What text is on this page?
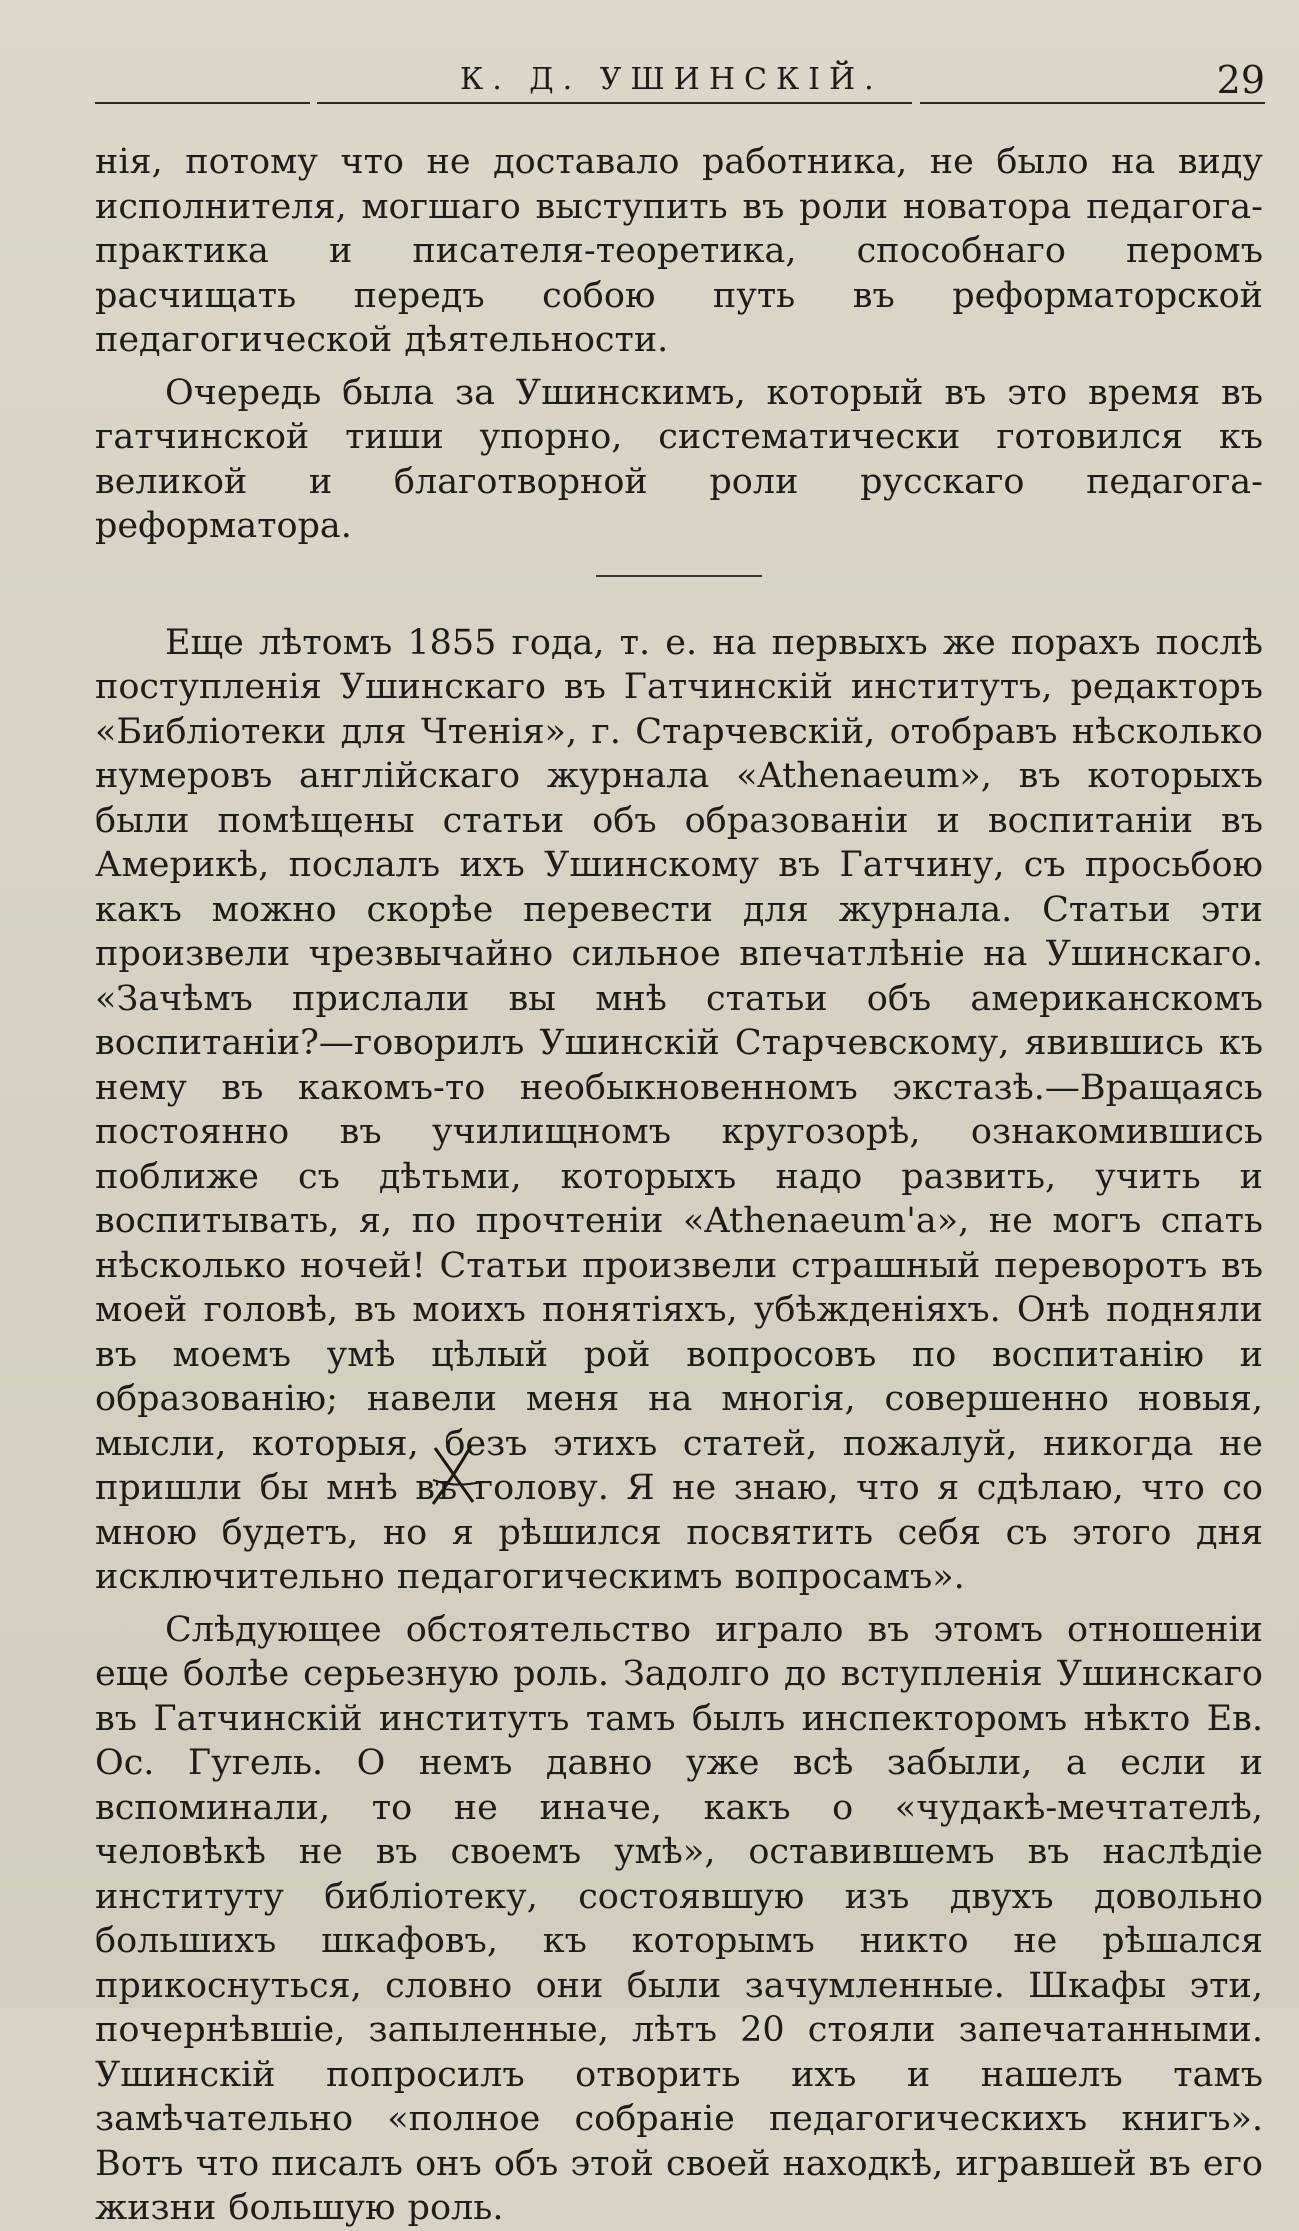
К. Д. УШИНСКІЙ.	29

нія, потому что не доставало работника, не было на виду исполнителя, могшаго выступить въ роли новатора педагога-практика и писателя-теоретика, способнаго перомъ расчищать передъ собою путь въ реформаторской педагогической дѣятельности.

Очередь была за Ушинскимъ, который въ это время въ гатчинской тиши упорно, систематически готовился къ великой и благотворной роли русскаго педагога-реформатора.

Еще лѣтомъ 1855 года, т. е. на первыхъ же порахъ послѣ поступленія Ушинскаго въ Гатчинскій институтъ, редакторъ «Библіотеки для Чтенія», г. Старчевскій, отобравъ нѣсколько нумеровъ англійскаго журнала «Athenaeum», въ которыхъ были помѣщены статьи объ образованіи и воспитаніи въ Америкѣ, послалъ ихъ Ушинскому въ Гатчину, съ просьбою какъ можно скорѣе перевести для журнала. Статьи эти произвели чрезвычайно сильное впечатлѣніе на Ушинскаго. «Зачѣмъ прислали вы мнѣ статьи объ американскомъ воспитаніи?—говорилъ Ушинскій Старчевскому, явившись къ нему въ какомъ-то необыкновенномъ экстазѣ.—Вращаясь постоянно въ училищномъ кругозорѣ, ознакомившись поближе съ дѣтьми, которыхъ надо развить, учить и воспитывать, я, по прочтеніи «Athenaeum'а», не могъ спать нѣсколько ночей! Статьи произвели страшный переворотъ въ моей головѣ, въ моихъ понятіяхъ, убѣжденіяхъ. Онѣ подняли въ моемъ умѣ цѣлый рой вопросовъ по воспитанію и образованію; навели меня на многія, совершенно новыя, мысли, которыя, безъ этихъ статей, пожалуй, никогда не пришли бы мнѣ въ голову. Я не знаю, что я сдѣлаю, что со мною будетъ, но я рѣшился посвятить себя съ этого дня исключительно педагогическимъ вопросамъ».

Слѣдующее обстоятельство играло въ этомъ отношеніи еще болѣе серьезную роль. Задолго до вступленія Ушинскаго въ Гатчинскій институтъ тамъ былъ инспекторомъ нѣкто Ев. Ос. Гугель. О немъ давно уже всѣ забыли, а если и вспоминали, то не иначе, какъ о «чудакѣ-мечтателѣ, человѣкѣ не въ своемъ умѣ», оставившемъ въ наслѣдіе институту библіотеку, состоявшую изъ двухъ довольно большихъ шкафовъ, къ которымъ никто не рѣшался прикоснуться, словно они были зачумленные. Шкафы эти, почернѣвшіе, запыленные, лѣтъ 20 стояли запечатанными. Ушинскій попросилъ отворить ихъ и нашелъ тамъ замѣчательно «полное собраніе педагогическихъ книгъ». Вотъ что писалъ онъ объ этой своей находкѣ, игравшей въ его жизни большую роль.
